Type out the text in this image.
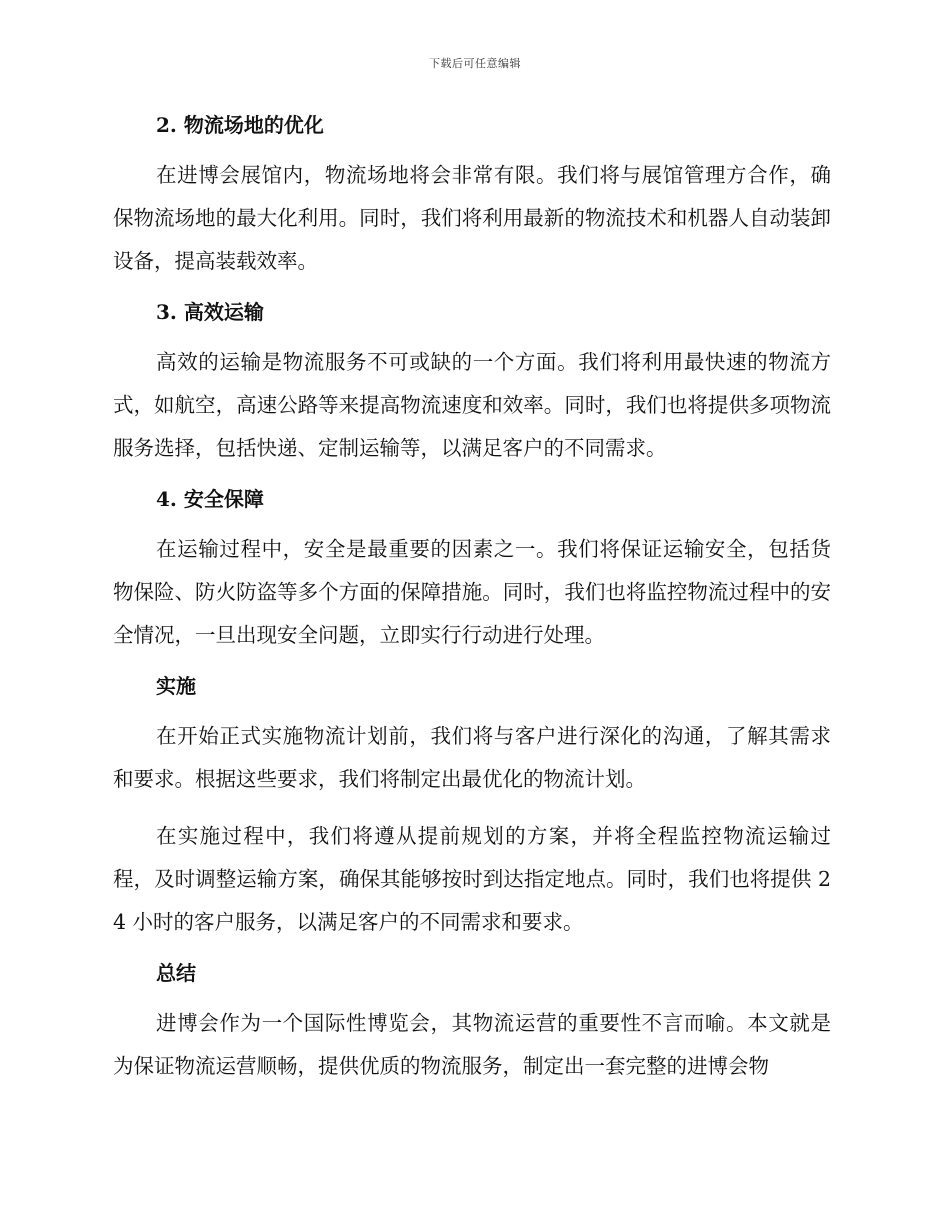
下载后可任意编辑

2. 物流场地的优化

在进博会展馆内，物流场地将会非常有限。我们将与展馆管理方合作，确保物流场地的最大化利用。同时，我们将利用最新的物流技术和机器人自动装卸设备，提高装载效率。

3. 高效运输

高效的运输是物流服务不可或缺的一个方面。我们将利用最快速的物流方式，如航空，高速公路等来提高物流速度和效率。同时，我们也将提供多项物流服务选择，包括快递、定制运输等，以满足客户的不同需求。

4. 安全保障

在运输过程中，安全是最重要的因素之一。我们将保证运输安全，包括货物保险、防火防盗等多个方面的保障措施。同时，我们也将监控物流过程中的安全情况，一旦出现安全问题，立即实行行动进行处理。

实施

在开始正式实施物流计划前，我们将与客户进行深化的沟通，了解其需求和要求。根据这些要求，我们将制定出最优化的物流计划。

在实施过程中，我们将遵从提前规划的方案，并将全程监控物流运输过程，及时调整运输方案，确保其能够按时到达指定地点。同时，我们也将提供 24 小时的客户服务，以满足客户的不同需求和要求。

总结

进博会作为一个国际性博览会，其物流运营的重要性不言而喻。本文就是为保证物流运营顺畅，提供优质的物流服务，制定出一套完整的进博会物
